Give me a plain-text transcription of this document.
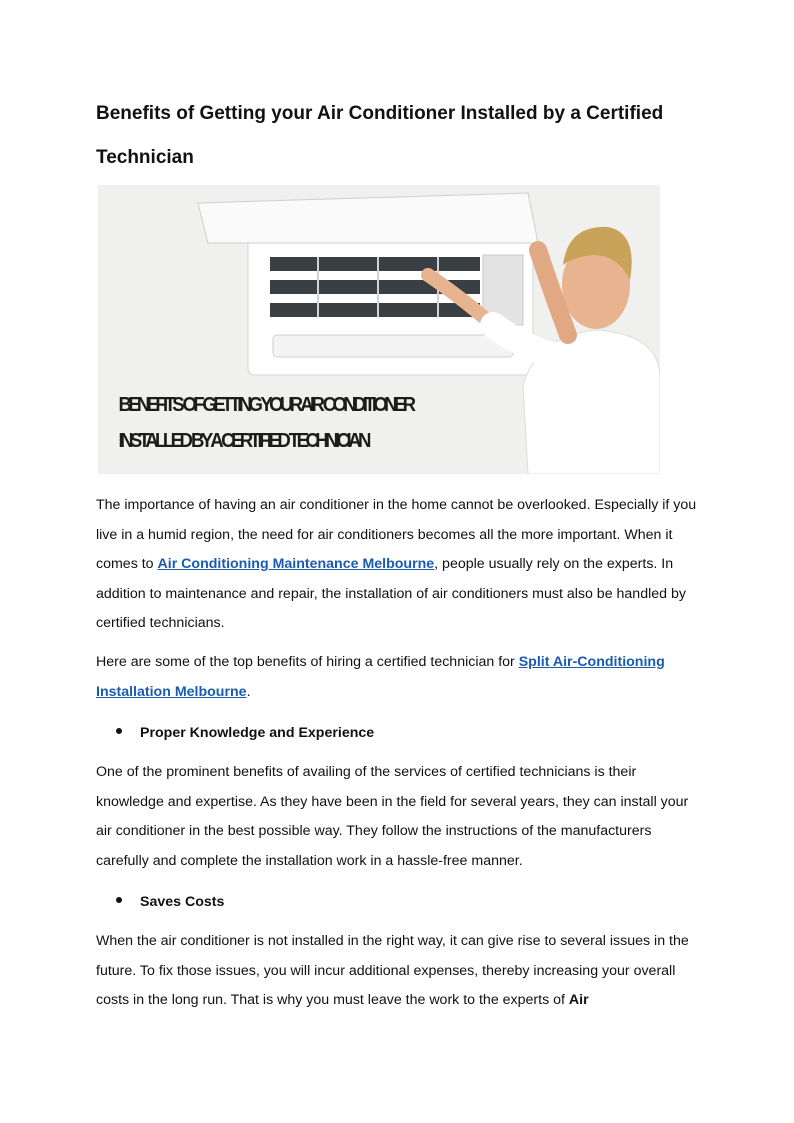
Benefits of Getting your Air Conditioner Installed by a Certified Technician
BENEFITS OF GETTING YOUR AIR CONDITIONER
INSTALLED BY A CERTIFIED TECHNICIAN

The importance of having an air conditioner in the home cannot be overlooked. Especially if you live in a humid region, the need for air conditioners becomes all the more important. When it comes to Air Conditioning Maintenance Melbourne, people usually rely on the experts. In addition to maintenance and repair, the installation of air conditioners must also be handled by certified technicians.

Here are some of the top benefits of hiring a certified technician for Split Air-Conditioning Installation Melbourne.

Proper Knowledge and Experience

One of the prominent benefits of availing of the services of certified technicians is their knowledge and expertise. As they have been in the field for several years, they can install your air conditioner in the best possible way. They follow the instructions of the manufacturers carefully and complete the installation work in a hassle-free manner.

Saves Costs

When the air conditioner is not installed in the right way, it can give rise to several issues in the future. To fix those issues, you will incur additional expenses, thereby increasing your overall costs in the long run. That is why you must leave the work to the experts of Air
